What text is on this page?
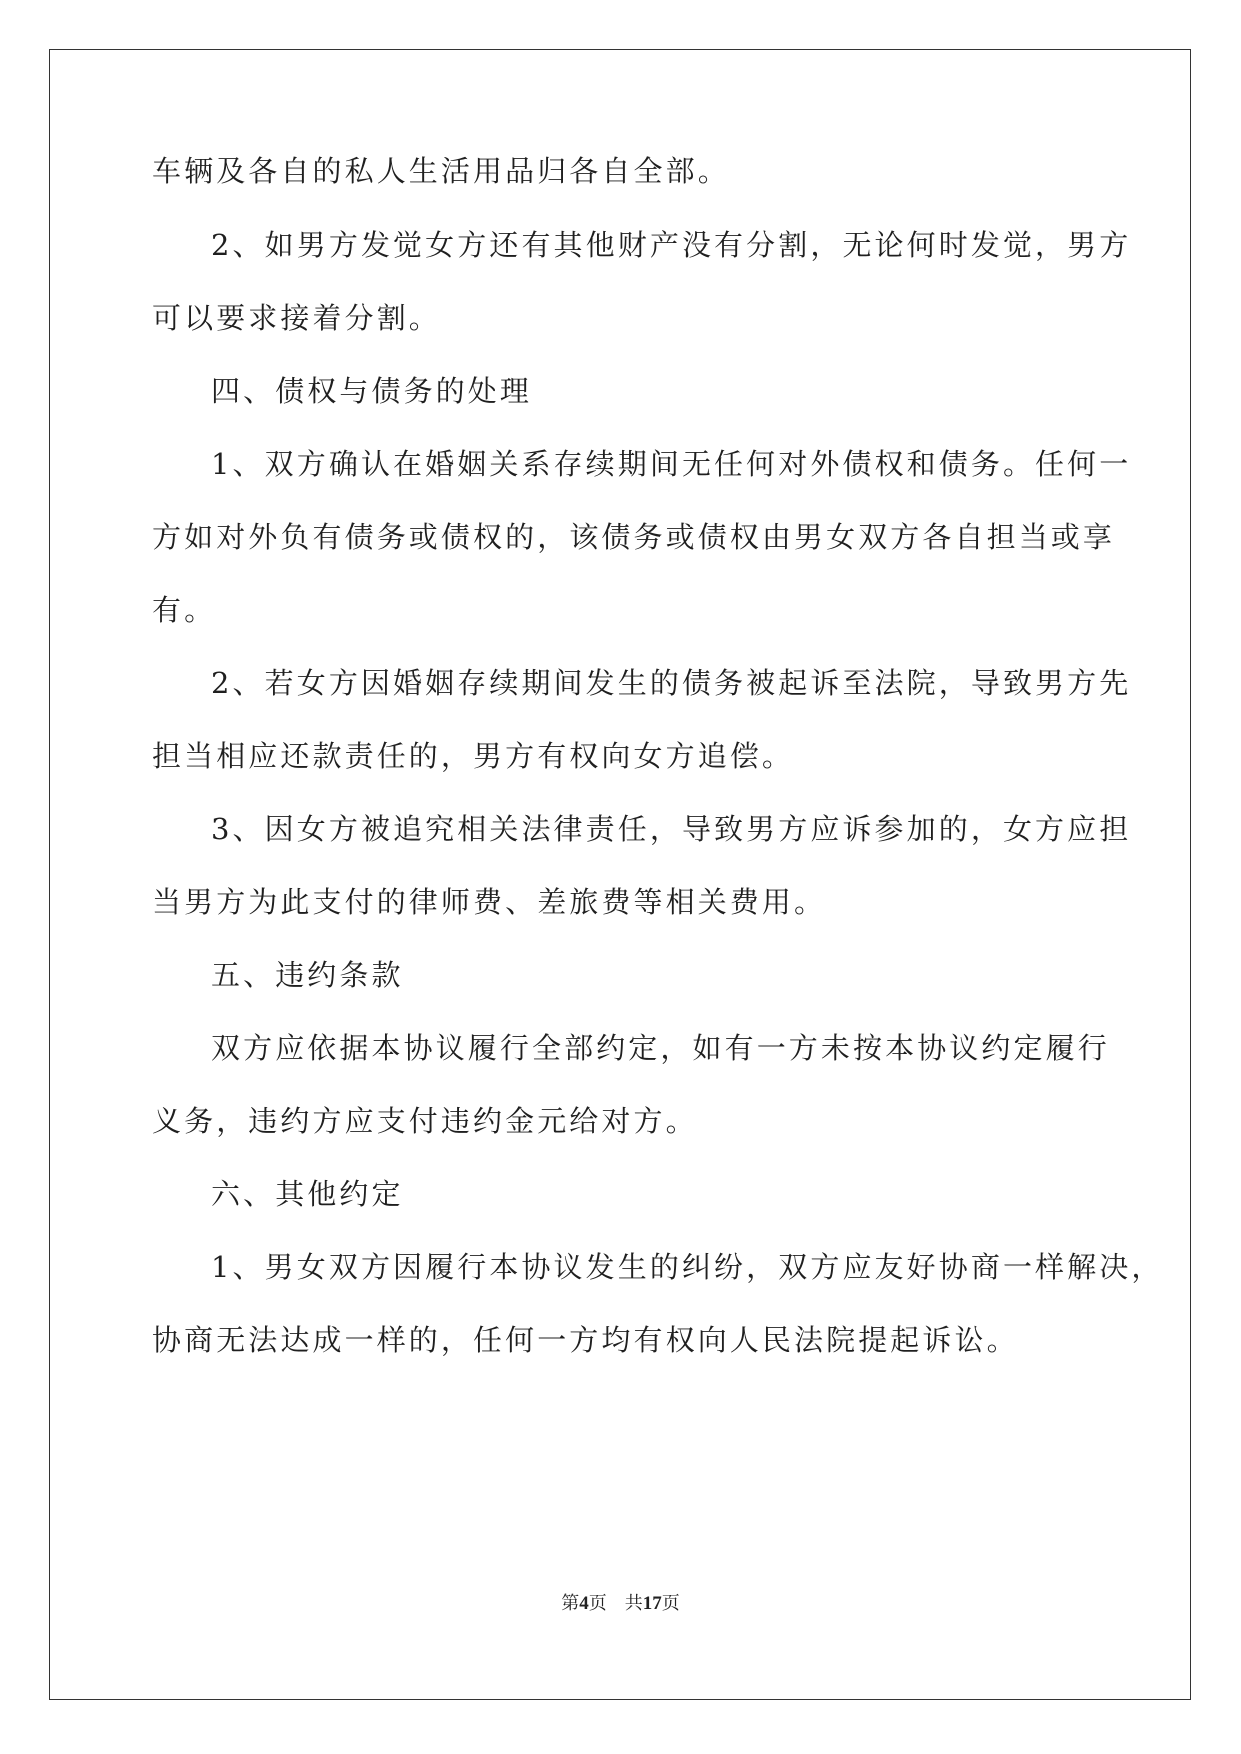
车辆及各自的私人生活用品归各自全部。
2、如男方发觉女方还有其他财产没有分割，无论何时发觉，男方
可以要求接着分割。
四、债权与债务的处理
1、双方确认在婚姻关系存续期间无任何对外债权和债务。任何一
方如对外负有债务或债权的，该债务或债权由男女双方各自担当或享
有。
2、若女方因婚姻存续期间发生的债务被起诉至法院，导致男方先
担当相应还款责任的，男方有权向女方追偿。
3、因女方被追究相关法律责任，导致男方应诉参加的，女方应担
当男方为此支付的律师费、差旅费等相关费用。
五、违约条款
双方应依据本协议履行全部约定，如有一方未按本协议约定履行
义务，违约方应支付违约金元给对方。
六、其他约定
1、男女双方因履行本协议发生的纠纷，双方应友好协商一样解决，
协商无法达成一样的，任何一方均有权向人民法院提起诉讼。
第4页 共17页
